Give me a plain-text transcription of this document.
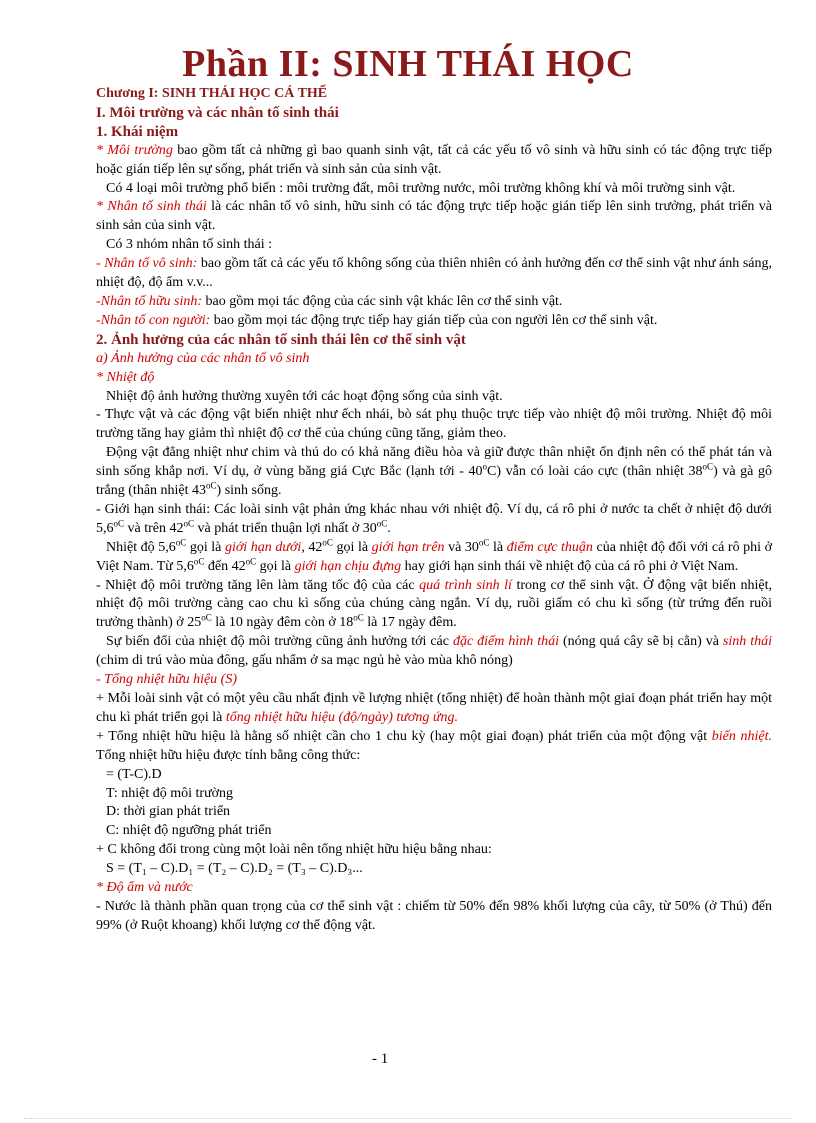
Phần II: SINH THÁI HỌC

Chương I: SINH THÁI HỌC CÁ THỂ

I. Môi trường và các nhân tố sinh thái

1. Khái niệm

* Môi trường bao gồm tất cả những gì bao quanh sinh vật, tất cả các yếu tố vô sinh và hữu sinh có tác động trực tiếp hoặc gián tiếp lên sự sống, phát triển và sinh sản của sinh vật.

Có 4 loại môi trường phổ biến : môi trường đất, môi trường nước, môi trường không khí và môi trường sinh vật.

* Nhân tố sinh thái là các nhân tố vô sinh, hữu sinh có tác động trực tiếp hoặc gián tiếp lên sinh trưởng, phát triển và sinh sản của sinh vật.

Có 3 nhóm nhân tố sinh thái :

- Nhân tố vô sinh: bao gồm tất cả các yếu tố không sống của thiên nhiên có ảnh hưởng đến cơ thể sinh vật như ánh sáng, nhiệt độ, độ ẩm v.v...

-Nhân tố hữu sinh: bao gồm mọi tác động của các sinh vật khác lên cơ thể sinh vật.

-Nhân tố con người: bao gồm mọi tác động trực tiếp hay gián tiếp của con người lên cơ thể sinh vật.

2. Ảnh hưởng của các nhân tố sinh thái lên cơ thể sinh vật

a) Ảnh hưởng của các nhân tố vô sinh

* Nhiệt độ

Nhiệt độ ảnh hưởng thường xuyên tới các hoạt động sống của sinh vật.

- Thực vật và các động vật biến nhiệt như ếch nhái, bò sát phụ thuộc trực tiếp vào nhiệt độ môi trường. Nhiệt độ môi trường tăng hay giảm thì nhiệt độ cơ thể của chúng cũng tăng, giảm theo.

Động vật đẳng nhiệt như chim và thú do có khả năng điều hòa và giữ được thân nhiệt ổn định nên có thể phát tán và sinh sống khắp nơi. Ví dụ, ở vùng băng giá Cực Bắc (lạnh tới - 40$^o$C) vẫn có loài cáo cực (thân nhiệt $38^{oC}$) và gà gô trắng (thân nhiệt $43^{oC}$) sinh sống.

- Giới hạn sinh thái: Các loài sinh vật phản ứng khác nhau với nhiệt độ. Ví dụ, cá rô phi ở nước ta chết ở nhiệt độ dưới $5,6^{oC}$ và trên $42^{oC}$ và phát triển thuận lợi nhất ở $30^{oC}$.

Nhiệt độ $5,6^{oC}$ gọi là giới hạn dưới, $42^{oC}$ gọi là giới hạn trên và $30^{oC}$ là điểm cực thuận của nhiệt độ đối với cá rô phi ở Việt Nam. Từ $5,6^{oC}$ đến $42^{oC}$ gọi là giới hạn chịu đựng hay giới hạn sinh thái về nhiệt độ của cá rô phi ở Việt Nam.

- Nhiệt độ môi trường tăng lên làm tăng tốc độ của các quá trình sinh lí trong cơ thể sinh vật. Ở động vật biến nhiệt, nhiệt độ môi trường càng cao chu kì sống của chúng càng ngắn. Ví dụ, ruồi giấm có chu kì sống (từ trứng đến ruồi trưởng thành) ở $25^{oC}$ là 10 ngày đêm còn ở $18^{oC}$ là 17 ngày đêm.

Sự biến đổi của nhiệt độ môi trường cũng ảnh hưởng tới các đặc điểm hình thái (nóng quá cây sẽ bị cằn) và sinh thái (chim di trú vào mùa đông, gấu nhẩm ở sa mạc ngủ hè vào mùa khô nóng)

- Tổng nhiệt hữu hiệu (S)

+ Mỗi loài sinh vật có một yêu cầu nhất định về lượng nhiệt (tổng nhiệt) để hoàn thành một giai đoạn phát triển hay một chu kì phát triển gọi là tổng nhiệt hữu hiệu (độ/ngày) tương ứng.

+ Tổng nhiệt hữu hiệu là hằng số nhiệt cần cho 1 chu kỳ (hay một giai đoạn) phát triển của một động vật biến nhiệt. Tổng nhiệt hữu hiệu được tính bằng công thức:

= (T-C).D

T: nhiệt độ môi trường

D: thời gian phát triển

C: nhiệt độ ngưỡng phát triển

+ C không đổi trong cùng một loài nên tổng nhiệt hữu hiệu bằng nhau:

S = (T₁ – C).D₁ = (T₂ – C).D₂ = (T₃ – C).D₃...

* Độ ẩm và nước

- Nước là thành phần quan trọng của cơ thể sinh vật : chiếm từ 50% đến 98% khối lượng của cây, từ 50% (ở Thú) đến 99% (ở Ruột khoang) khối lượng cơ thể động vật.

- 1
